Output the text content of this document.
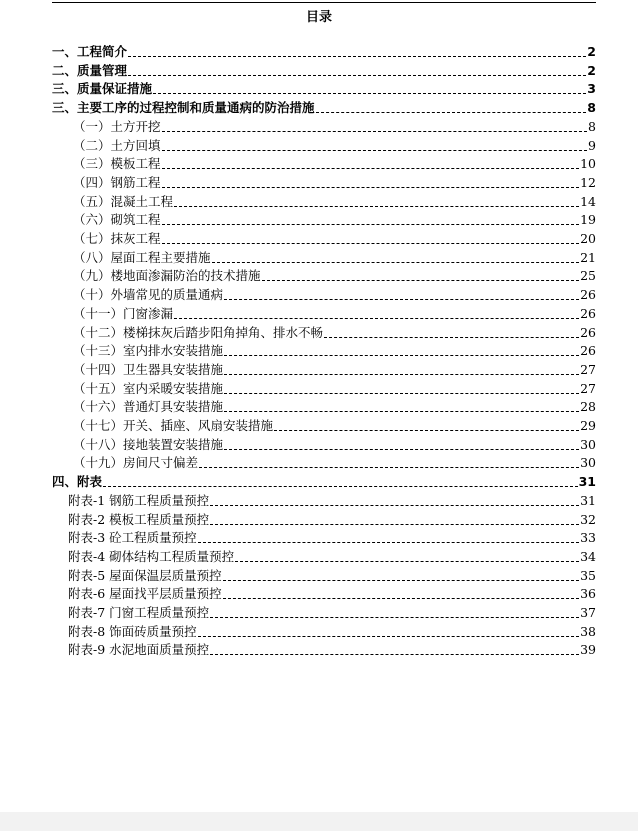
目录
一、工程简介	2
二、质量管理	2
三、质量保证措施	3
三、主要工序的过程控制和质量通病的防治措施	8
（一）土方开挖	8
（二）土方回填	9
（三）模板工程	10
（四）钢筋工程	12
（五）混凝土工程	14
（六）砌筑工程	19
（七）抹灰工程	20
（八）屋面工程主要措施	21
（九）楼地面渗漏防治的技术措施	25
（十）外墙常见的质量通病	26
（十一）门窗渗漏	26
（十二）楼梯抹灰后踏步阳角掉角、排水不畅	26
（十三）室内排水安装措施	26
（十四）卫生器具安装措施	27
（十五）室内采暖安装措施	27
（十六）普通灯具安装措施	28
（十七）开关、插座、风扇安装措施	29
（十八）接地装置安装措施	30
（十九）房间尺寸偏差	30
四、附表	31
附表-1 钢筋工程质量预控	31
附表-2 模板工程质量预控	32
附表-3 砼工程质量预控	33
附表-4 砌体结构工程质量预控	34
附表-5 屋面保温层质量预控	35
附表-6 屋面找平层质量预控	36
附表-7 门窗工程质量预控	37
附表-8 饰面砖质量预控	38
附表-9 水泥地面质量预控	39
